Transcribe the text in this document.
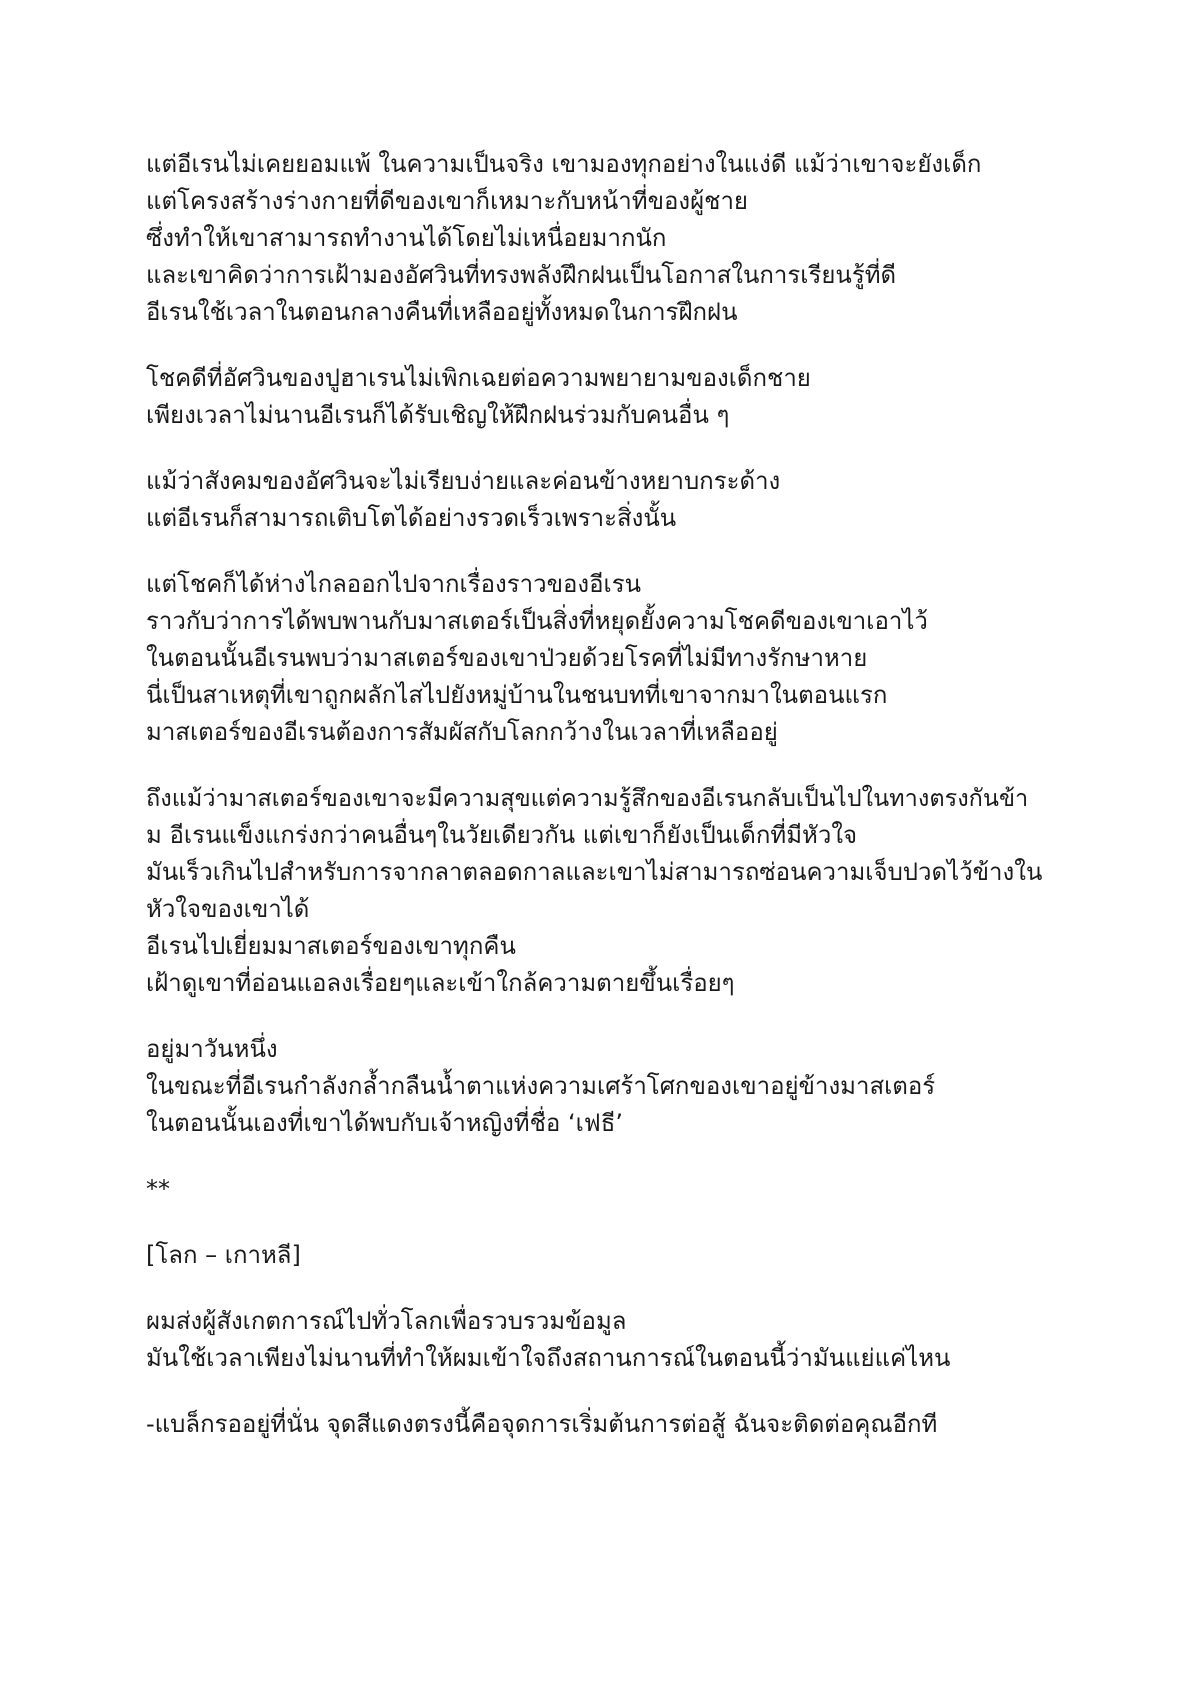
แต่อีเรนไม่เคยยอมแพ้ ในความเป็นจริง เขามองทุกอย่างในแง่ดี แม้ว่าเขาจะยังเด็ก
แต่โครงสร้างร่างกายที่ดีของเขาก็เหมาะกับหน้าที่ของผู้ชาย
ซึ่งทำให้เขาสามารถทำงานได้โดยไม่เหนื่อยมากนัก
และเขาคิดว่าการเฝ้ามองอัศวินที่ทรงพลังฝึกฝนเป็นโอกาสในการเรียนรู้ที่ดี
อีเรนใช้เวลาในตอนกลางคืนที่เหลืออยู่ทั้งหมดในการฝึกฝน
โชคดีที่อัศวินของปูฮาเรนไม่เพิกเฉยต่อความพยายามของเด็กชาย
เพียงเวลาไม่นานอีเรนก็ได้รับเชิญให้ฝึกฝนร่วมกับคนอื่น ๆ
แม้ว่าสังคมของอัศวินจะไม่เรียบง่ายและค่อนข้างหยาบกระด้าง
แต่อีเรนก็สามารถเติบโตได้อย่างรวดเร็วเพราะสิ่งนั้น
แต่โชคก็ได้ห่างไกลออกไปจากเรื่องราวของอีเรน
ราวกับว่าการได้พบพานกับมาสเตอร์เป็นสิ่งที่หยุดยั้งความโชคดีของเขาเอาไว้
ในตอนนั้นอีเรนพบว่ามาสเตอร์ของเขาป่วยด้วยโรคที่ไม่มีทางรักษาหาย
นี่เป็นสาเหตุที่เขาถูกผลักไสไปยังหมู่บ้านในชนบทที่เขาจากมาในตอนแรก
มาสเตอร์ของอีเรนต้องการสัมผัสกับโลกกว้างในเวลาที่เหลืออยู่
ถึงแม้ว่ามาสเตอร์ของเขาจะมีความสุขแต่ความรู้สึกของอีเรนกลับเป็นไปในทางตรงกันข้า
ม อีเรนแข็งแกร่งกว่าคนอื่นๆในวัยเดียวกัน แต่เขาก็ยังเป็นเด็กที่มีหัวใจ
มันเร็วเกินไปสำหรับการจากลาตลอดกาลและเขาไม่สามารถซ่อนความเจ็บปวดไว้ข้างใน
หัวใจของเขาได้
อีเรนไปเยี่ยมมาสเตอร์ของเขาทุกคืน
เฝ้าดูเขาที่อ่อนแอลงเรื่อยๆและเข้าใกล้ความตายขึ้นเรื่อยๆ
อยู่มาวันหนึ่ง
ในขณะที่อีเรนกำลังกล้ำกลืนน้ำตาแห่งความเศร้าโศกของเขาอยู่ข้างมาสเตอร์
ในตอนนั้นเองที่เขาได้พบกับเจ้าหญิงที่ชื่อ ‘เฟธี’
**
[โลก – เกาหลี]
ผมส่งผู้สังเกตการณ์ไปทั่วโลกเพื่อรวบรวมข้อมูล
มันใช้เวลาเพียงไม่นานที่ทำให้ผมเข้าใจถึงสถานการณ์ในตอนนี้ว่ามันแย่แค่ไหน
-แบล็กรออยู่ที่นั่น จุดสีแดงตรงนี้คือจุดการเริ่มต้นการต่อสู้ ฉันจะติดต่อคุณอีกที
